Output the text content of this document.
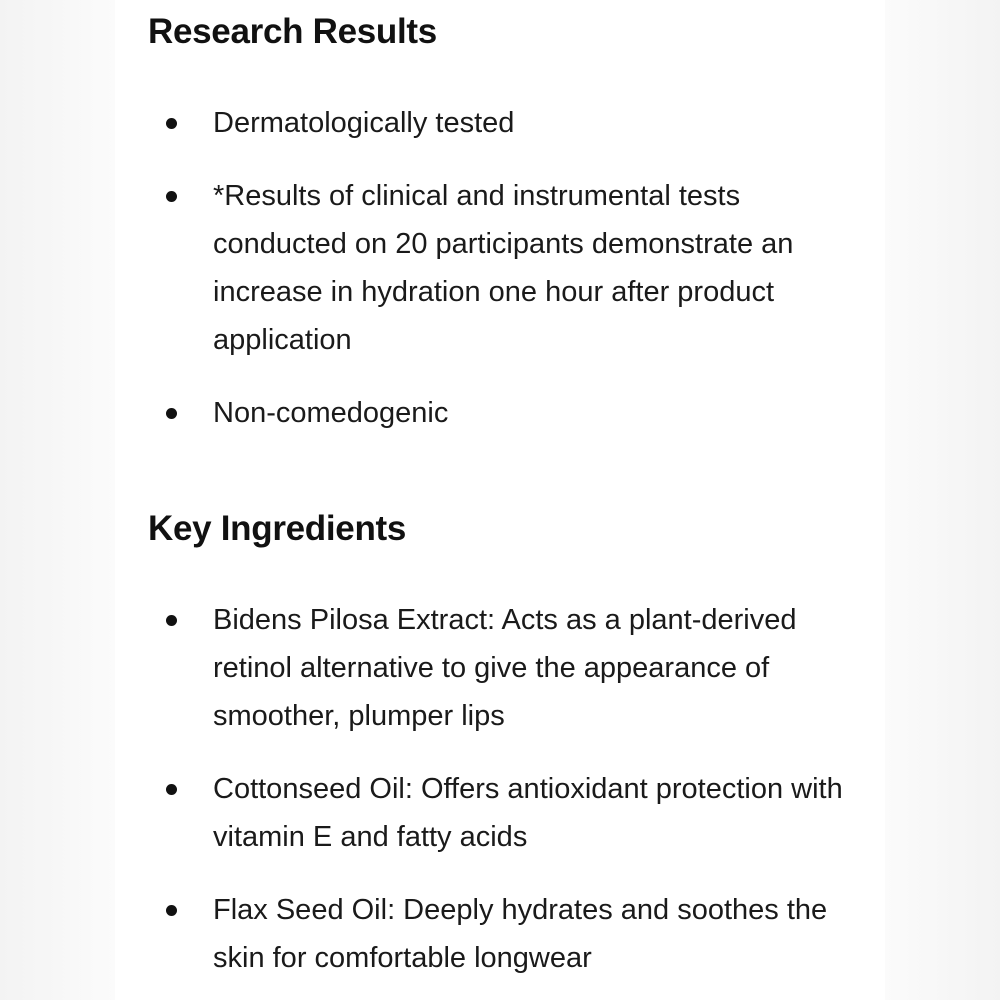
Research Results
Dermatologically tested
*Results of clinical and instrumental tests conducted on 20 participants demonstrate an increase in hydration one hour after product application
Non-comedogenic
Key Ingredients
Bidens Pilosa Extract: Acts as a plant-derived retinol alternative to give the appearance of smoother, plumper lips
Cottonseed Oil: Offers antioxidant protection with vitamin E and fatty acids
Flax Seed Oil: Deeply hydrates and soothes the skin for comfortable longwear
